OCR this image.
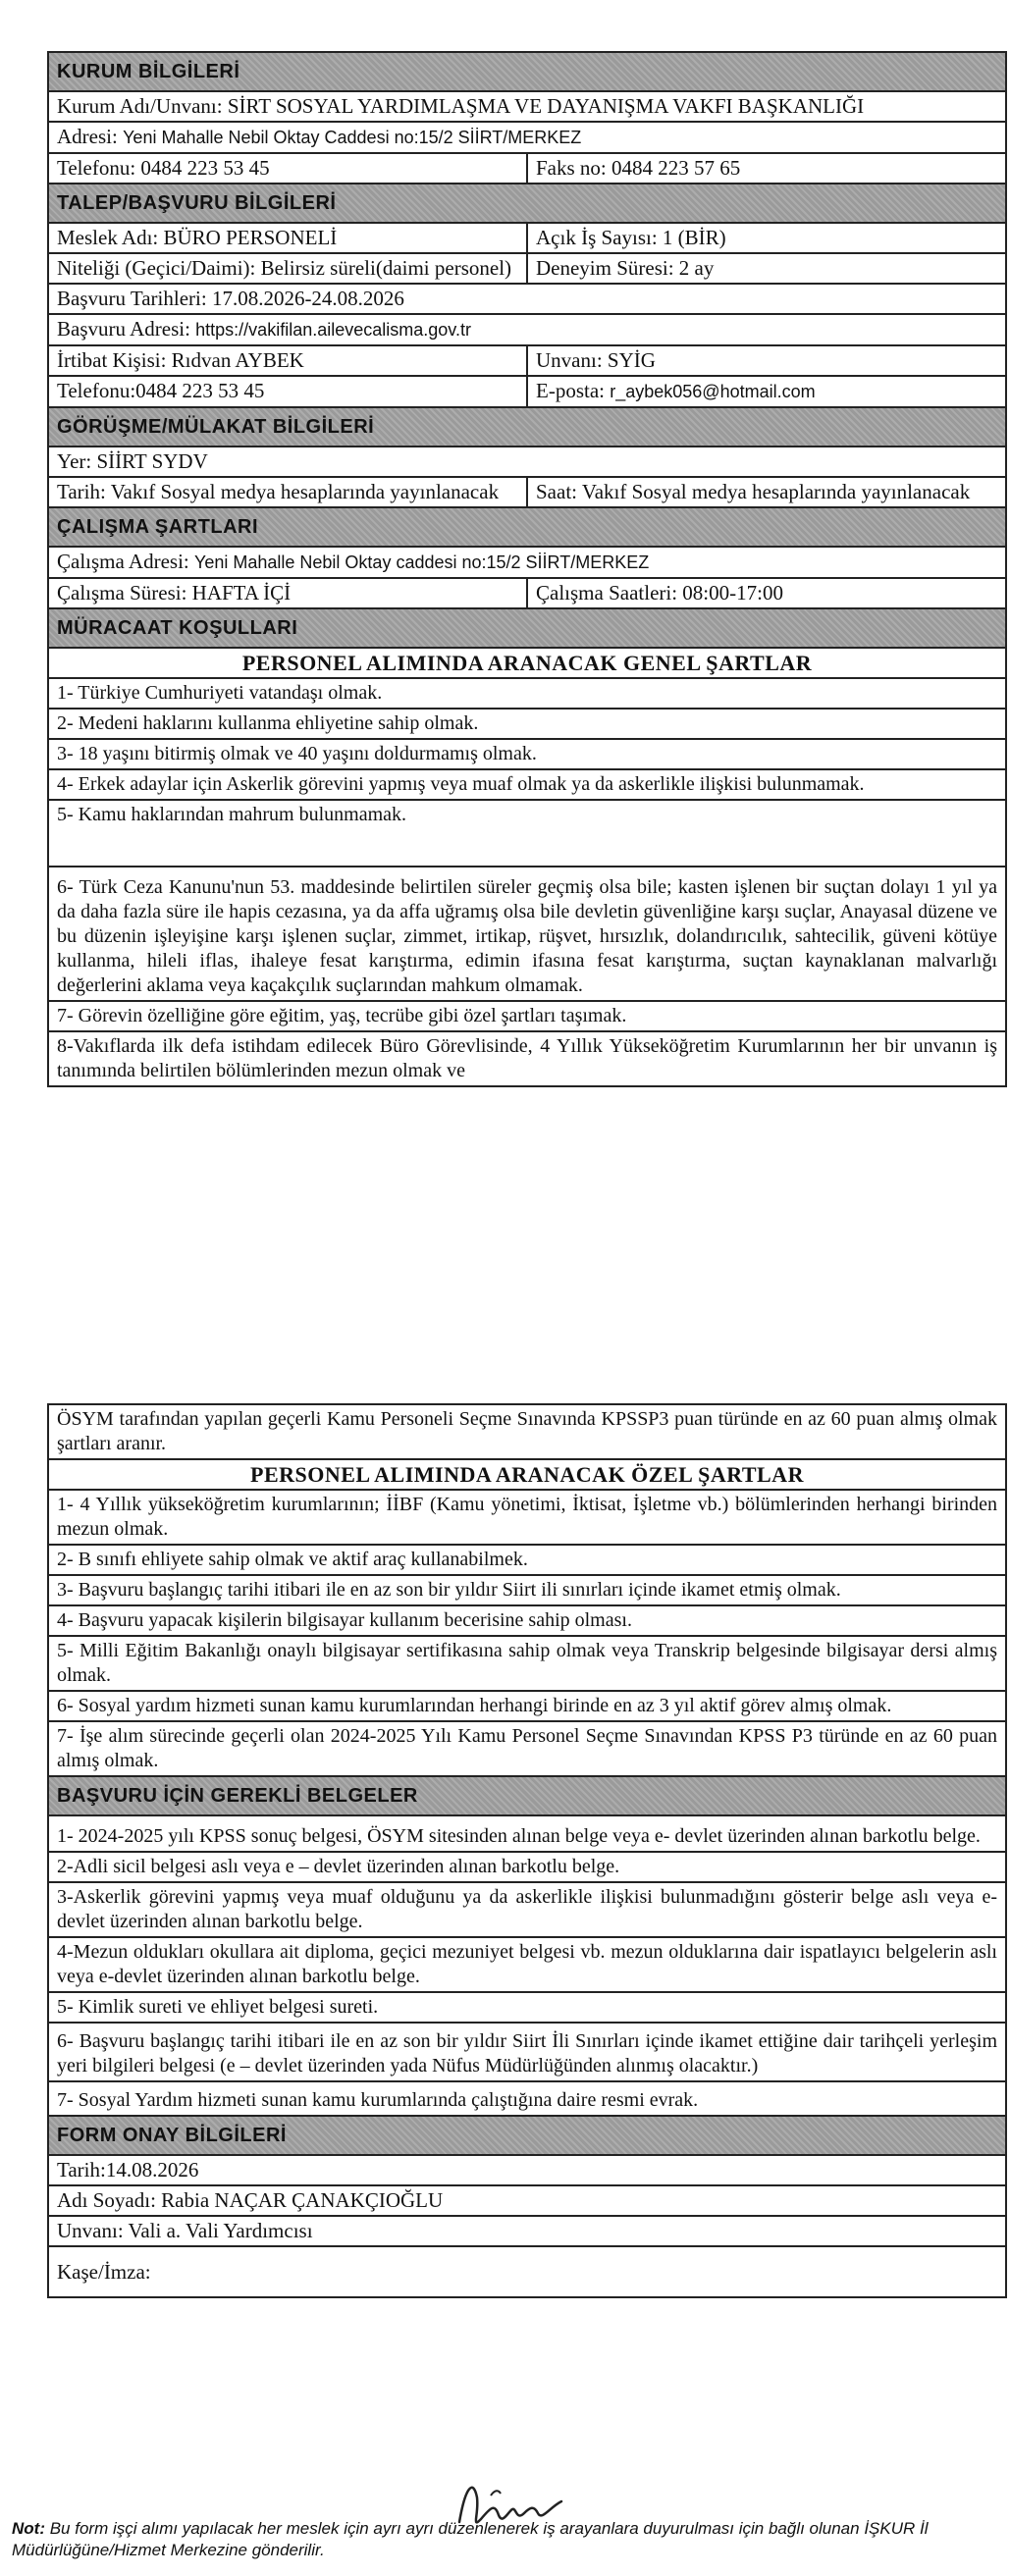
KURUM BİLGİLERİ	
Kurum Adı/Unvanı: SİRT SOSYAL YARDIMLAŞMA VE DAYANIŞMA VAKFI BAŞKANLIĞI	
Adresi: Yeni Mahalle Nebil Oktay Caddesi no:15/2 SİİRT/MERKEZ	
Telefonu: 0484 223 53 45	Faks no: 0484 223 57 65
TALEP/BAŞVURU BİLGİLERİ	
Meslek Adı: BÜRO PERSONELİ	Açık İş Sayısı: 1 (BİR)
Niteliği (Geçici/Daimi): Belirsiz süreli(daimi personel)	Deneyim Süresi: 2 ay
Başvuru Tarihleri: 17.08.2026-24.08.2026	
Başvuru Adresi: https://vakifilan.ailevecalisma.gov.tr	
İrtibat Kişisi: Rıdvan AYBEK	Unvanı: SYİG
Telefonu:0484 223 53 45	E-posta: r_aybek056@hotmail.com
GÖRÜŞME/MÜLAKAT BİLGİLERİ	
Yer: SİİRT SYDV	
Tarih: Vakıf Sosyal medya hesaplarında yayınlanacak	Saat: Vakıf Sosyal medya hesaplarında yayınlanacak
ÇALIŞMA ŞARTLARI	
Çalışma Adresi: Yeni Mahalle Nebil Oktay caddesi no:15/2 SİİRT/MERKEZ	
Çalışma Süresi: HAFTA İÇİ	Çalışma Saatleri: 08:00-17:00
MÜRACAAT KOŞULLARI	
PERSONEL ALIMINDA ARANACAK GENEL ŞARTLAR	
1- Türkiye Cumhuriyeti vatandaşı olmak.	
2- Medeni haklarını kullanma ehliyetine sahip olmak.	
3- 18 yaşını bitirmiş olmak ve 40 yaşını doldurmamış olmak.	
4- Erkek adaylar için Askerlik görevini yapmış veya muaf olmak ya da askerlikle ilişkisi bulunmamak.	
5- Kamu haklarından mahrum bulunmamak.	
6- Türk Ceza Kanunu'nun 53. maddesinde belirtilen süreler geçmiş olsa bile; kasten işlenen bir suçtan dolayı 1 yıl ya da daha fazla süre ile hapis cezasına, ya da affa uğramış olsa bile devletin güvenliğine karşı suçlar, Anayasal düzene ve bu düzenin işleyişine karşı işlenen suçlar, zimmet, irtikap, rüşvet, hırsızlık, dolandırıcılık, sahtecilik, güveni kötüye kullanma, hileli iflas, ihaleye fesat karıştırma, edimin ifasına fesat karıştırma, suçtan kaynaklanan malvarlığı değerlerini aklama veya kaçakçılık suçlarından mahkum olmamak.	
7- Görevin özelliğine göre eğitim, yaş, tecrübe gibi özel şartları taşımak.	
8-Vakıflarda ilk defa istihdam edilecek Büro Görevlisinde, 4 Yıllık Yükseköğretim Kurumlarının her bir unvanın iş tanımında belirtilen bölümlerinden mezun olmak ve	
ÖSYM tarafından yapılan geçerli Kamu Personeli Seçme Sınavında KPSSP3 puan türünde en az 60 puan almış olmak şartları aranır.
PERSONEL ALIMINDA ARANACAK ÖZEL ŞARTLAR
1- 4 Yıllık yükseköğretim kurumlarının; İİBF (Kamu yönetimi, İktisat, İşletme vb.) bölümlerinden herhangi birinden mezun olmak.
2- B sınıfı ehliyete sahip olmak ve aktif araç kullanabilmek.
3- Başvuru başlangıç tarihi itibari ile en az son bir yıldır Siirt ili sınırları içinde ikamet etmiş olmak.
4- Başvuru yapacak kişilerin bilgisayar kullanım becerisine sahip olması.
5- Milli Eğitim Bakanlığı onaylı bilgisayar sertifikasına sahip olmak veya Transkrip belgesinde bilgisayar dersi almış olmak.
6- Sosyal yardım hizmeti sunan kamu kurumlarından herhangi birinde en az 3 yıl aktif görev almış olmak.
7- İşe alım sürecinde geçerli olan 2024-2025 Yılı Kamu Personel Seçme Sınavından KPSS P3 türünde en az 60 puan almış olmak.
BAŞVURU İÇİN GEREKLİ BELGELER
1- 2024-2025 yılı KPSS sonuç belgesi, ÖSYM sitesinden alınan belge veya e- devlet üzerinden alınan barkotlu belge.
2-Adli sicil belgesi aslı veya e – devlet üzerinden alınan barkotlu belge.
3-Askerlik görevini yapmış veya muaf olduğunu ya da askerlikle ilişkisi bulunmadığını gösterir belge aslı veya e-devlet üzerinden alınan barkotlu belge.
4-Mezun oldukları okullara ait diploma, geçici mezuniyet belgesi vb. mezun olduklarına dair ispatlayıcı belgelerin aslı veya e-devlet üzerinden alınan barkotlu belge.
5- Kimlik sureti ve ehliyet belgesi sureti.
6- Başvuru başlangıç tarihi itibari ile en az son bir yıldır Siirt İli Sınırları içinde ikamet ettiğine dair tarihçeli yerleşim yeri bilgileri belgesi (e – devlet üzerinden yada Nüfus Müdürlüğünden alınmış olacaktır.)
7- Sosyal Yardım hizmeti sunan kamu kurumlarında çalıştığına daire resmi evrak.
FORM ONAY BİLGİLERİ
Tarih:14.08.2026
Adı Soyadı: Rabia NAÇAR ÇANAKÇIOĞLU
Unvanı: Vali a. Vali Yardımcısı
Kaşe/İmza:
Not: Bu form işçi alımı yapılacak her meslek için ayrı ayrı düzenlenerek iş arayanlara duyurulması için bağlı olunan İŞKUR İl Müdürlüğüne/Hizmet Merkezine gönderilir.
